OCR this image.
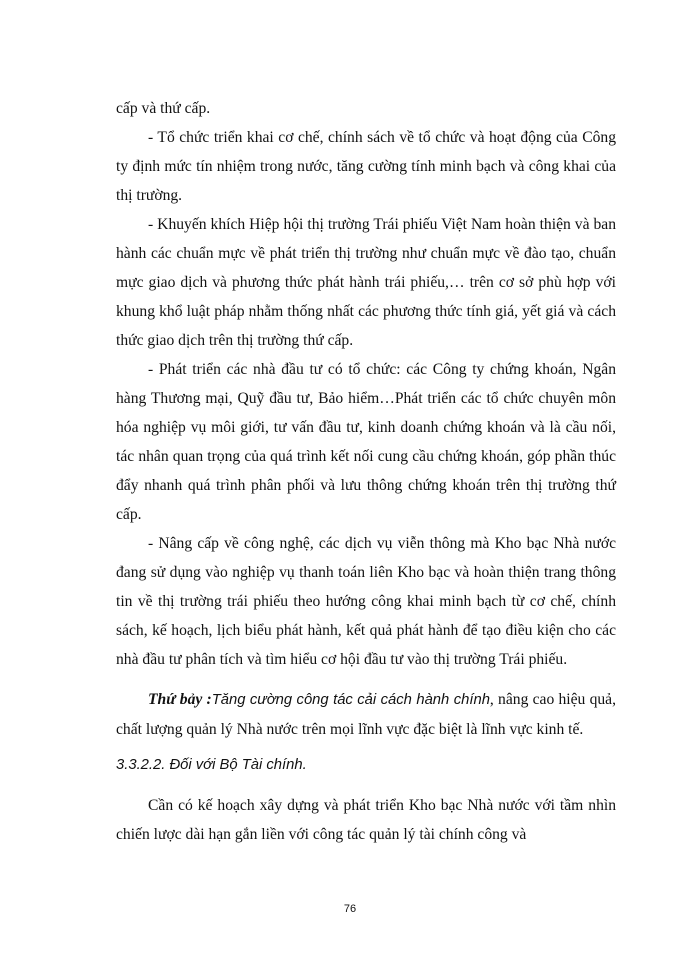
cấp và thứ cấp.

- Tổ chức triển khai cơ chế, chính sách về tổ chức và hoạt động của Công ty định mức tín nhiệm trong nước, tăng cường tính minh bạch và công khai của thị trường.

- Khuyến khích Hiệp hội thị trường Trái phiếu Việt Nam hoàn thiện và ban hành các chuẩn mực về phát triển thị trường như chuẩn mực về đào tạo, chuẩn mực giao dịch và phương thức phát hành trái phiếu,… trên cơ sở phù hợp với khung khổ luật pháp nhằm thống nhất các phương thức tính giá, yết giá và cách thức giao dịch trên thị trường thứ cấp.

- Phát triển các nhà đầu tư có tổ chức: các Công ty chứng khoán, Ngân hàng Thương mại, Quỹ đầu tư, Bảo hiểm…Phát triển các tổ chức chuyên môn hóa nghiệp vụ môi giới, tư vấn đầu tư, kinh doanh chứng khoán và là cầu nối, tác nhân quan trọng của quá trình kết nối cung cầu chứng khoán, góp phần thúc đẩy nhanh quá trình phân phối và lưu thông chứng khoán trên thị trường thứ cấp.

- Nâng cấp về công nghệ, các dịch vụ viễn thông mà Kho bạc Nhà nước đang sử dụng vào nghiệp vụ thanh toán liên Kho bạc và hoàn thiện trang thông tin về thị trường trái phiếu theo hướng công khai minh bạch từ cơ chế, chính sách, kế hoạch, lịch biểu phát hành, kết quả phát hành để tạo điều kiện cho các nhà đầu tư phân tích và tìm hiểu cơ hội đầu tư vào thị trường Trái phiếu.

Thứ bảy :Tăng cường công tác cải cách hành chính, nâng cao hiệu quả, chất lượng quản lý Nhà nước trên mọi lĩnh vực đặc biệt là lĩnh vực kinh tế.

3.3.2.2. Đối với Bộ Tài chính.

Cần có kế hoạch xây dựng và phát triển Kho bạc Nhà nước với tầm nhìn chiến lược dài hạn gắn liền với công tác quản lý tài chính công và

76
